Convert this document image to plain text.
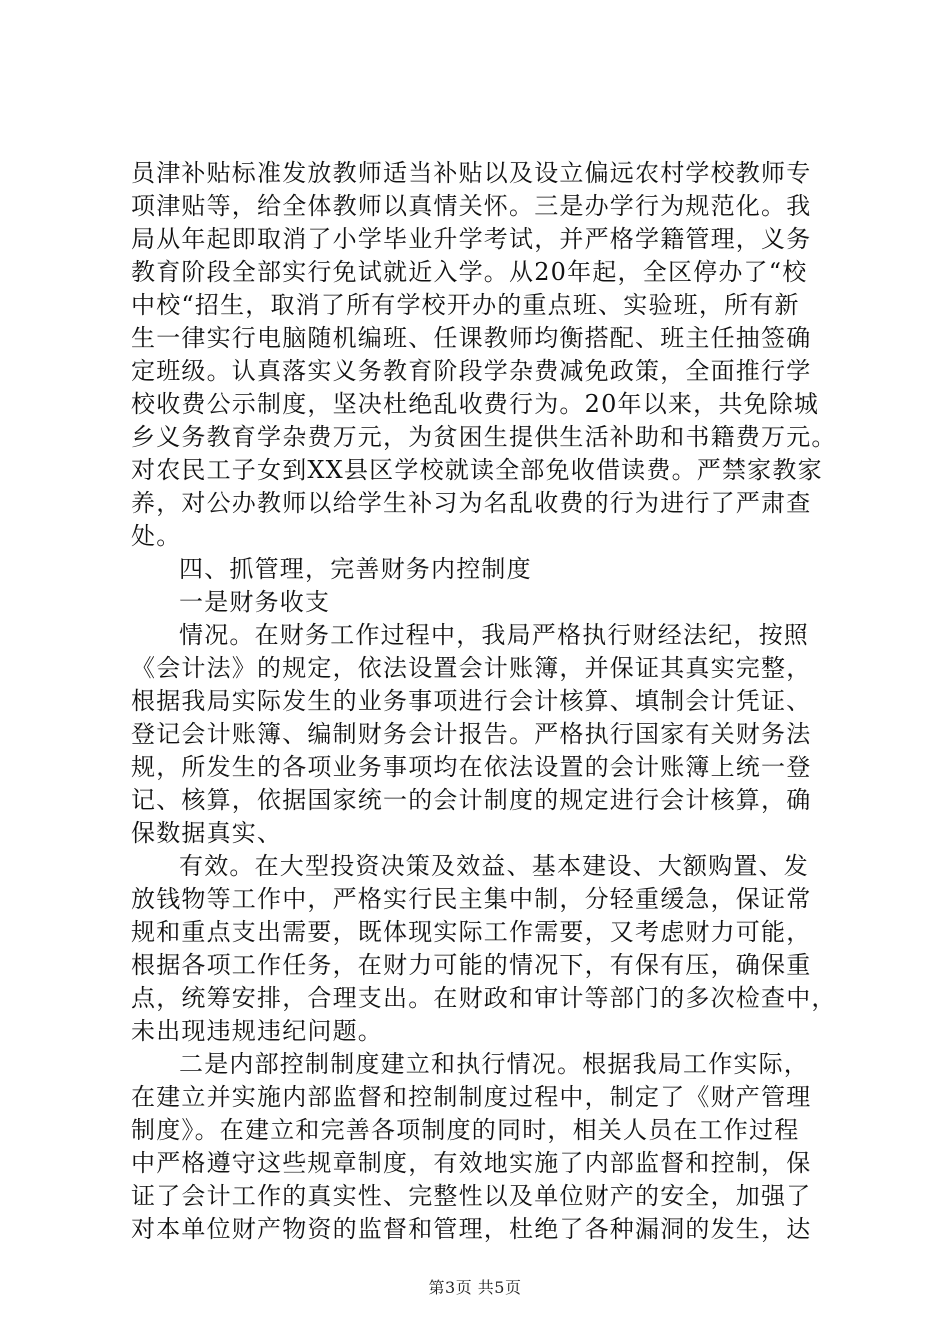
员津补贴标准发放教师适当补贴以及设立偏远农村学校教师专
项津贴等，给全体教师以真情关怀。三是办学行为规范化。我
局从年起即取消了小学毕业升学考试，并严格学籍管理，义务
教育阶段全部实行免试就近入学。从20年起，全区停办了“校
中校“招生，取消了所有学校开办的重点班、实验班，所有新
生一律实行电脑随机编班、任课教师均衡搭配、班主任抽签确
定班级。认真落实义务教育阶段学杂费减免政策，全面推行学
校收费公示制度，坚决杜绝乱收费行为。20年以来，共免除城
乡义务教育学杂费万元，为贫困生提供生活补助和书籍费万元。
对农民工子女到XX县区学校就读全部免收借读费。严禁家教家
养，对公办教师以给学生补习为名乱收费的行为进行了严肃查
处。
四、抓管理，完善财务内控制度
一是财务收支
情况。在财务工作过程中，我局严格执行财经法纪，按照
《会计法》的规定，依法设置会计账簿，并保证其真实完整，
根据我局实际发生的业务事项进行会计核算、填制会计凭证、
登记会计账簿、编制财务会计报告。严格执行国家有关财务法
规，所发生的各项业务事项均在依法设置的会计账簿上统一登
记、核算，依据国家统一的会计制度的规定进行会计核算，确
保数据真实、
有效。在大型投资决策及效益、基本建设、大额购置、发
放钱物等工作中，严格实行民主集中制，分轻重缓急，保证常
规和重点支出需要，既体现实际工作需要，又考虑财力可能，
根据各项工作任务，在财力可能的情况下，有保有压，确保重
点，统筹安排，合理支出。在财政和审计等部门的多次检查中，
未出现违规违纪问题。
二是内部控制制度建立和执行情况。根据我局工作实际，
在建立并实施内部监督和控制制度过程中，制定了《财产管理
制度》。在建立和完善各项制度的同时，相关人员在工作过程
中严格遵守这些规章制度，有效地实施了内部监督和控制，保
证了会计工作的真实性、完整性以及单位财产的安全，加强了
对本单位财产物资的监督和管理，杜绝了各种漏洞的发生，达
第3页 共5页
